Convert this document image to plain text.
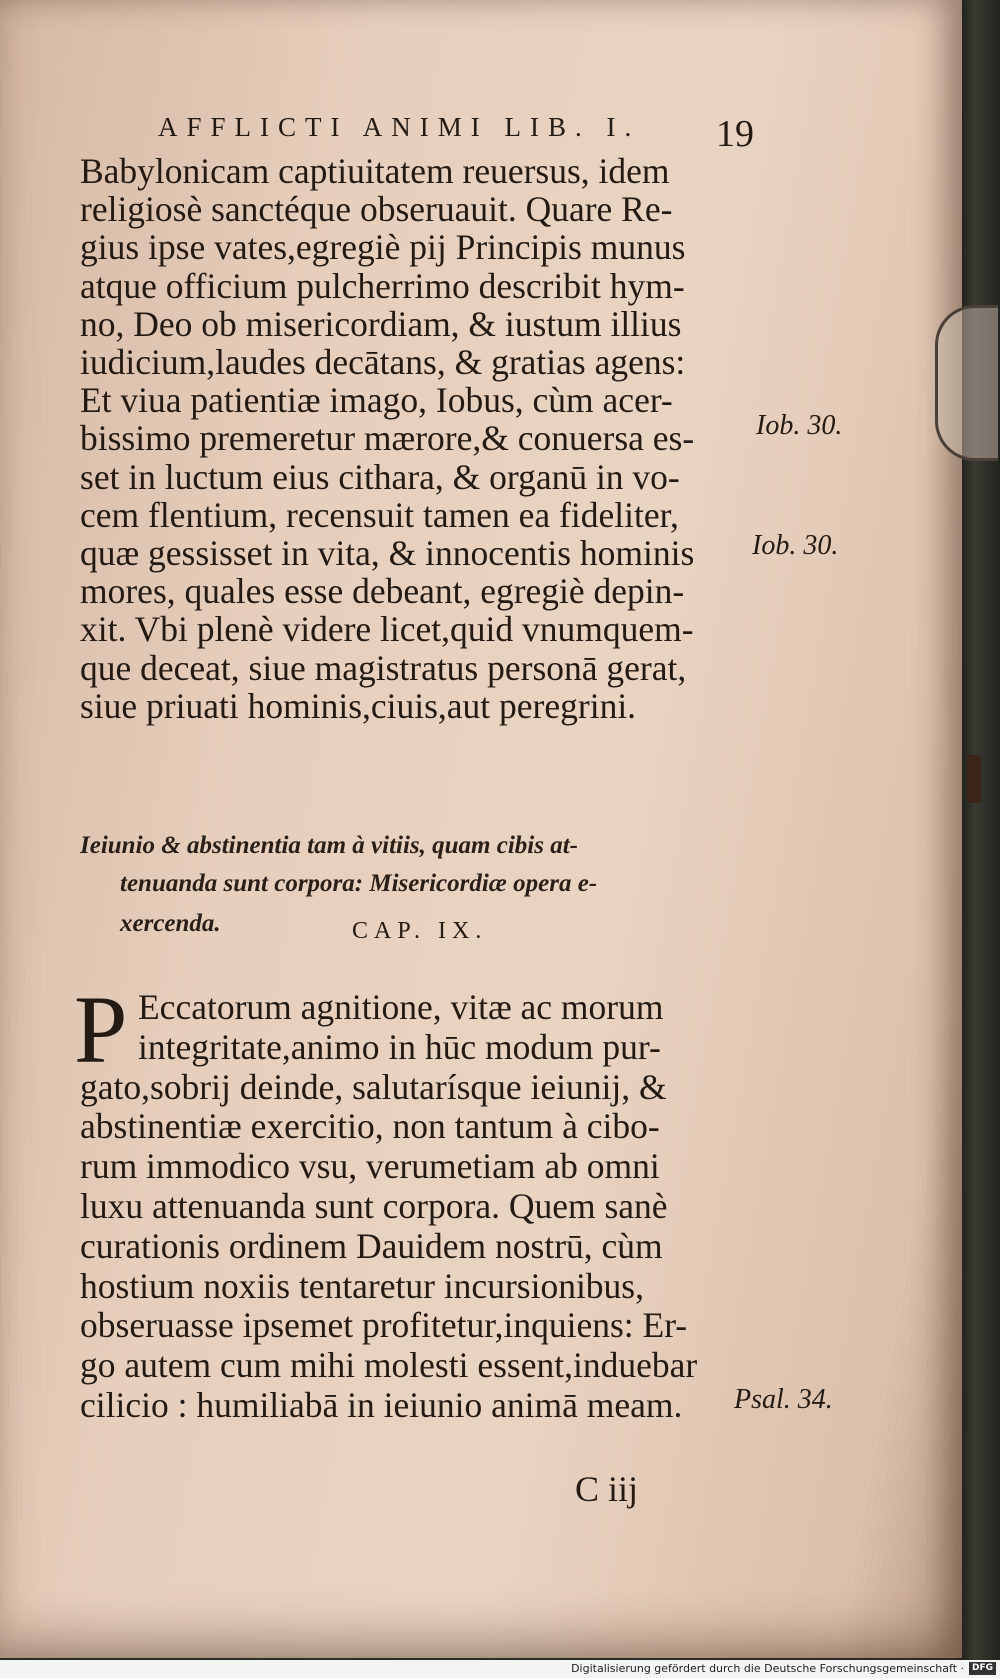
AFFLICTI ANIMI LIB. I. 19
Babylonicam captiuitatem reuersus, idem
religiosè sanctéque obseruauit. Quare Re-
gius ipse vates,egregiè pij Principis munus
atque officium pulcherrimo describit hym-
no, Deo ob misericordiam, & iustum illius
iudicium,laudes decātans, & gratias agens:
Et viua patientiæ imago, Iobus, cùm acer-
bissimo premeretur mærore,& conuersa es-
set in luctum eius cithara, & organū in vo-
cem flentium, recensuit tamen ea fideliter,
quæ gessisset in vita, & innocentis hominis
mores, quales esse debeant, egregiè depin-
xit. Vbi plenè videre licet,quid vnumquem-
que deceat, siue magistratus personā gerat,
siue priuati hominis,ciuis,aut peregrini.
Iob. 30.
Iob. 30.
Psal. 34.
Ieiunio & abstinentia tam à vitiis, quam cibis at-
tenuanda sunt corpora: Misericordiæ opera e-
xercenda.	CAP. IX.
P Eccatorum agnitione, vitæ ac morum
integritate,animo in hūc modum pur-
gato,sobrij deinde, salutarísque ieiunij, &
abstinentiæ exercitio, non tantum à cibo-
rum immodico vsu, verumetiam ab omni
luxu attenuanda sunt corpora. Quem sanè
curationis ordinem Dauidem nostrū, cùm
hostium noxiis tentaretur incursionibus,
obseruasse ipsemet profitetur,inquiens: Er-
go autem cum mihi molesti essent,induebar
cilicio : humiliabā in ieiunio animā meam.
C iij
Digitalisierung gefördert durch die Deutsche Forschungsgemeinschaft · DFG
